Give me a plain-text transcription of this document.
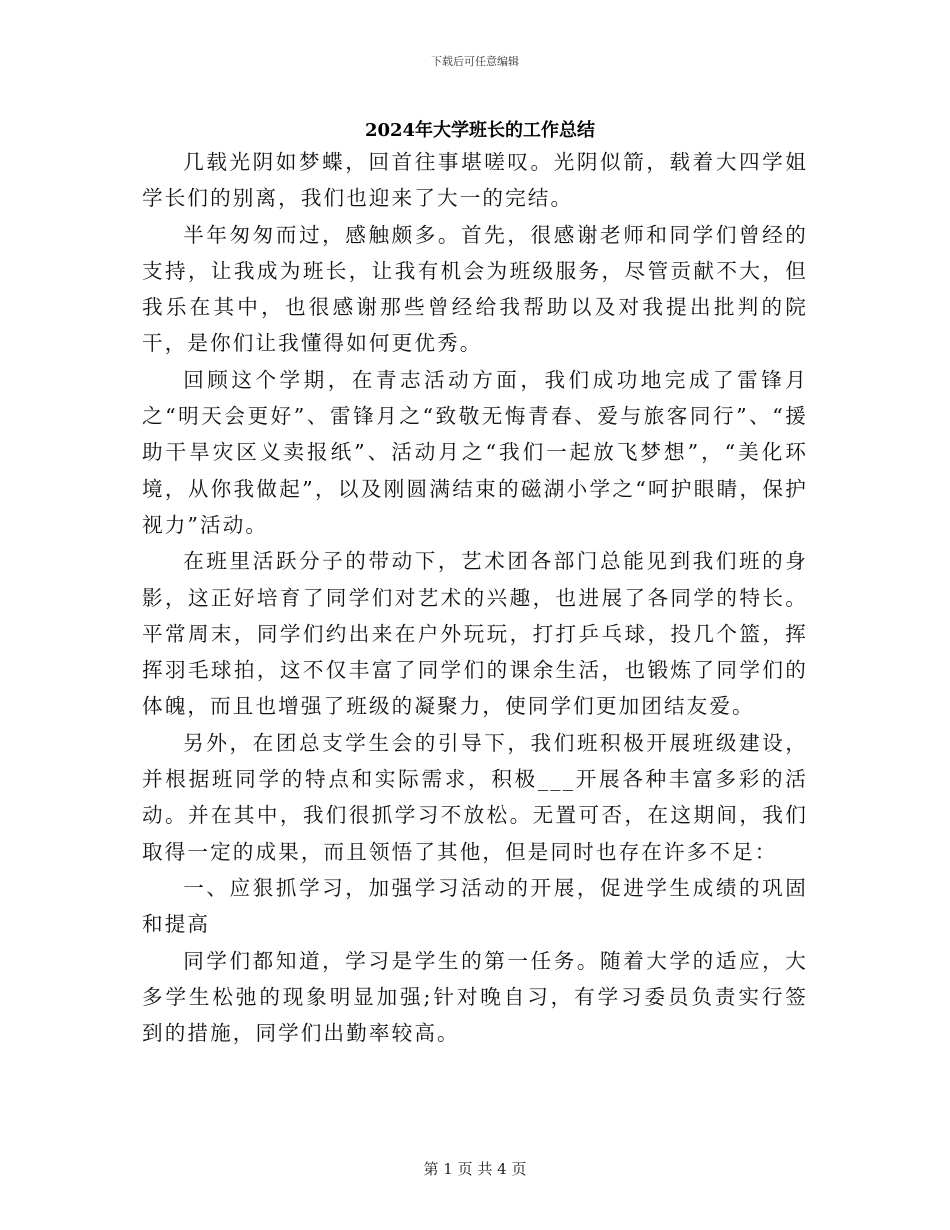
下载后可任意编辑
2024年大学班长的工作总结

几载光阴如梦蝶，回首往事堪嗟叹。光阴似箭，载着大四学姐学长们的别离，我们也迎来了大一的完结。

半年匆匆而过，感触颇多。首先，很感谢老师和同学们曾经的支持，让我成为班长，让我有机会为班级服务，尽管贡献不大，但我乐在其中，也很感谢那些曾经给我帮助以及对我提出批判的院干，是你们让我懂得如何更优秀。

回顾这个学期，在青志活动方面，我们成功地完成了雷锋月之“明天会更好”、雷锋月之“致敬无悔青春、爱与旅客同行”、“援助干旱灾区义卖报纸”、活动月之“我们一起放飞梦想”，“美化环境，从你我做起”，以及刚圆满结束的磁湖小学之“呵护眼睛，保护视力”活动。

在班里活跃分子的带动下，艺术团各部门总能见到我们班的身影，这正好培育了同学们对艺术的兴趣，也进展了各同学的特长。平常周末，同学们约出来在户外玩玩，打打乒乓球，投几个篮，挥挥羽毛球拍，这不仅丰富了同学们的课余生活，也锻炼了同学们的体魄，而且也增强了班级的凝聚力，使同学们更加团结友爱。

另外，在团总支学生会的引导下，我们班积极开展班级建设，并根据班同学的特点和实际需求，积极___开展各种丰富多彩的活动。并在其中，我们很抓学习不放松。无置可否，在这期间，我们取得一定的成果，而且领悟了其他，但是同时也存在许多不足：

一、应狠抓学习，加强学习活动的开展，促进学生成绩的巩固和提高

同学们都知道，学习是学生的第一任务。随着大学的适应，大多学生松弛的现象明显加强;针对晚自习，有学习委员负责实行签到的措施，同学们出勤率较高。

第 1 页 共 4 页
